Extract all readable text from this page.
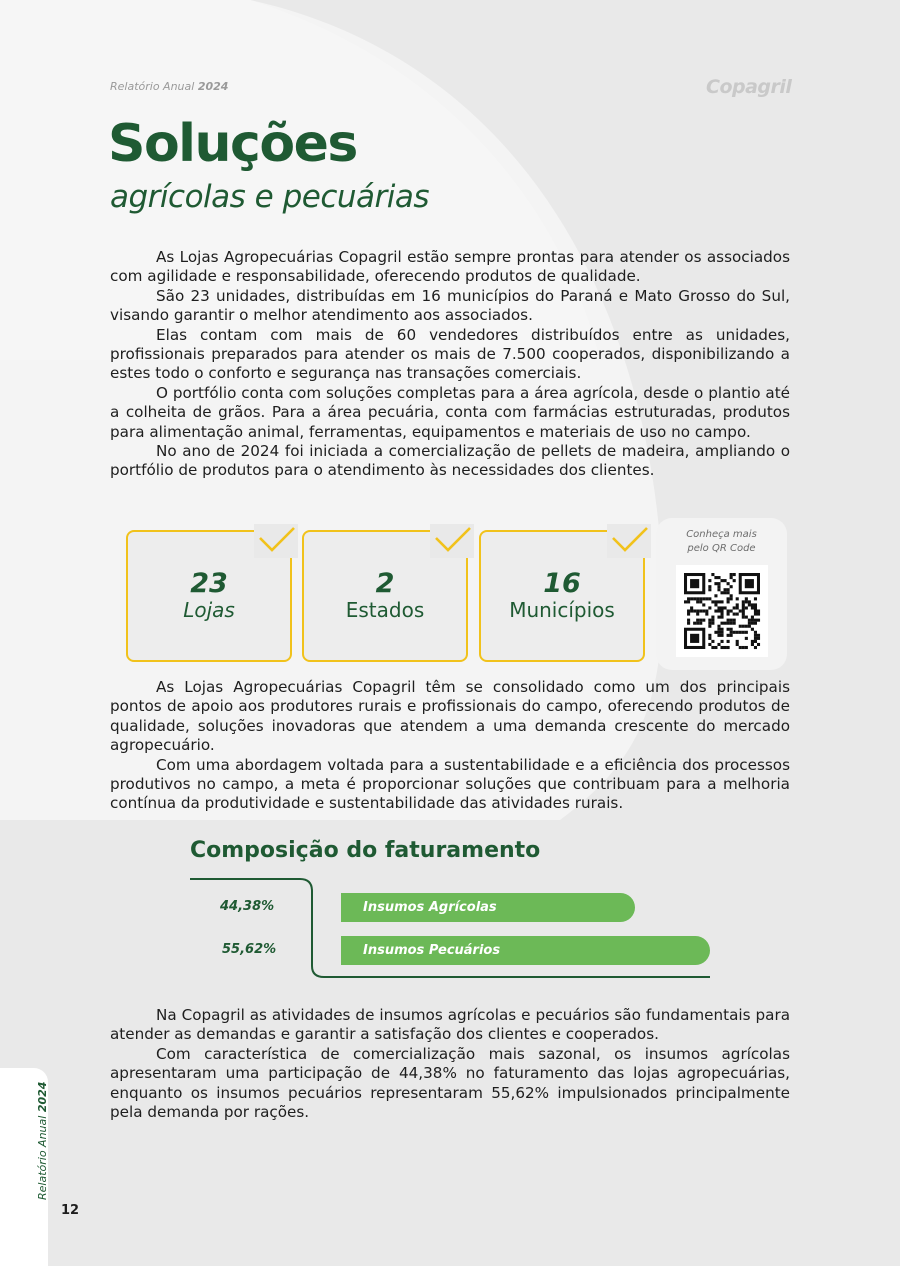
Relatório Anual 2024	Copagril
Soluções
agrícolas e pecuárias

As Lojas Agropecuárias Copagril estão sempre prontas para atender os associados com agilidade e responsabilidade, oferecendo produtos de qualidade.

São 23 unidades, distribuídas em 16 municípios do Paraná e Mato Grosso do Sul, visando garantir o melhor atendimento aos associados.

Elas contam com mais de 60 vendedores distribuídos entre as unidades, profissionais preparados para atender os mais de 7.500 cooperados, disponibilizando a estes todo o conforto e segurança nas transações comerciais.

O portfólio conta com soluções completas para a área agrícola, desde o plantio até a colheita de grãos. Para a área pecuária, conta com farmácias estruturadas, produtos para alimentação animal, ferramentas, equipamentos e materiais de uso no campo.

No ano de 2024 foi iniciada a comercialização de pellets de madeira, ampliando o portfólio de produtos para o atendimento às necessidades dos clientes.

23
Lojas
2
Estados
16
Municípios
Conheça mais
pelo QR Code

As Lojas Agropecuárias Copagril têm se consolidado como um dos principais pontos de apoio aos produtores rurais e profissionais do campo, oferecendo produtos de qualidade, soluções inovadoras que atendem a uma demanda crescente do mercado agropecuário.

Com uma abordagem voltada para a sustentabilidade e a eficiência dos processos produtivos no campo, a meta é proporcionar soluções que contribuam para a melhoria contínua da produtividade e sustentabilidade das atividades rurais.

Composição do faturamento
44,38%
55,62%
Insumos Agrícolas
Insumos Pecuários

Na Copagril as atividades de insumos agrícolas e pecuários são fundamentais para atender as demandas e garantir a satisfação dos clientes e cooperados.

Com característica de comercialização mais sazonal, os insumos agrícolas apresentaram uma participação de 44,38% no faturamento das lojas agropecuárias, enquanto os insumos pecuários representaram 55,62% impulsionados principalmente pela demanda por rações.

Relatório Anual 2024
12
